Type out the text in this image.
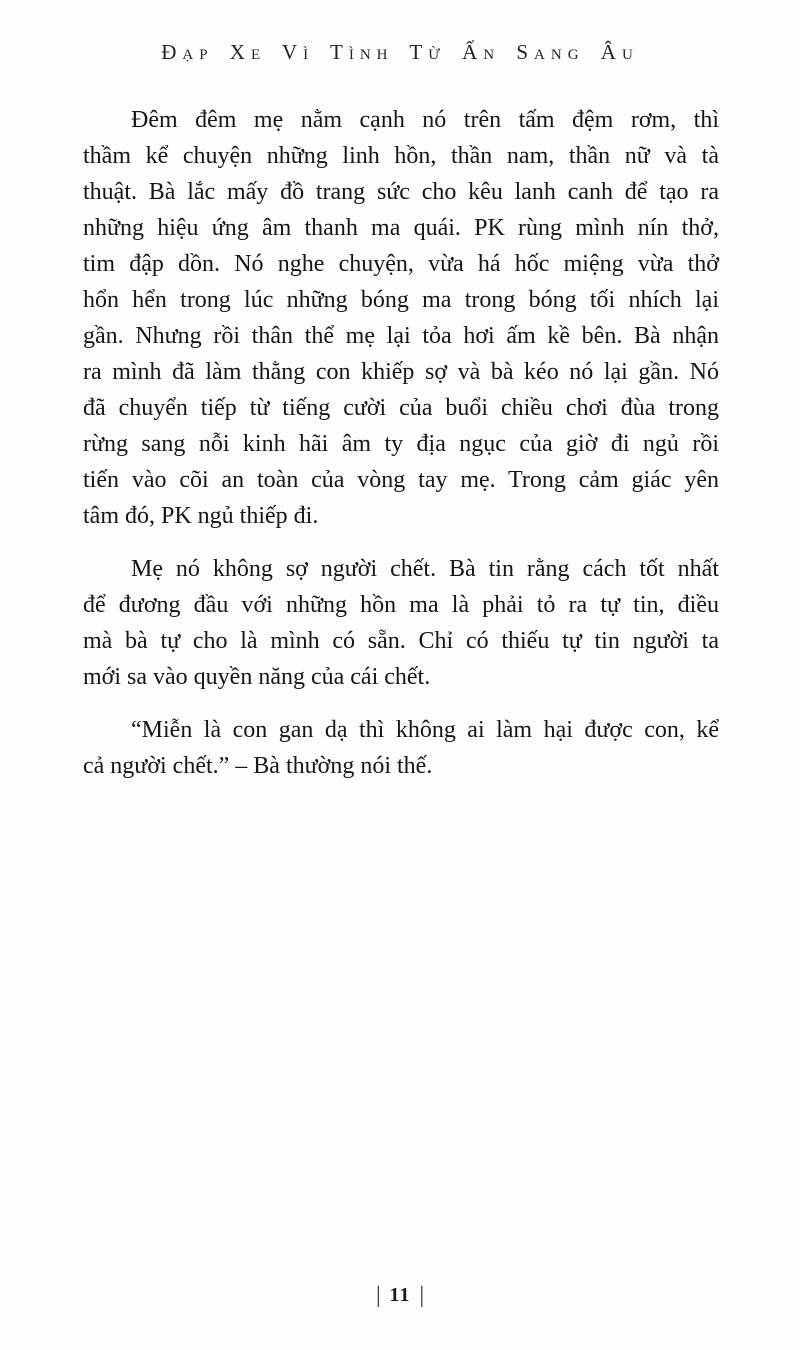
Đạp Xe Vì Tình Từ Ấn Sang Âu
Đêm đêm mẹ nằm cạnh nó trên tấm đệm rơm, thì
thầm kể chuyện những linh hồn, thần nam, thần nữ và tà
thuật. Bà lắc mấy đồ trang sức cho kêu lanh canh để tạo ra
những hiệu ứng âm thanh ma quái. PK rùng mình nín thở,
tim đập dồn. Nó nghe chuyện, vừa há hốc miệng vừa thở
hổn hển trong lúc những bóng ma trong bóng tối nhích lại
gần. Nhưng rồi thân thể mẹ lại tỏa hơi ấm kề bên. Bà nhận
ra mình đã làm thằng con khiếp sợ và bà kéo nó lại gần. Nó
đã chuyển tiếp từ tiếng cười của buổi chiều chơi đùa trong
rừng sang nỗi kinh hãi âm ty địa ngục của giờ đi ngủ rồi
tiến vào cõi an toàn của vòng tay mẹ. Trong cảm giác yên
tâm đó, PK ngủ thiếp đi.
Mẹ nó không sợ người chết. Bà tin rằng cách tốt nhất
để đương đầu với những hồn ma là phải tỏ ra tự tin, điều
mà bà tự cho là mình có sẵn. Chỉ có thiếu tự tin người ta
mới sa vào quyền năng của cái chết.
“Miễn là con gan dạ thì không ai làm hại được con, kể
cả người chết.” – Bà thường nói thế.
| 11 |
